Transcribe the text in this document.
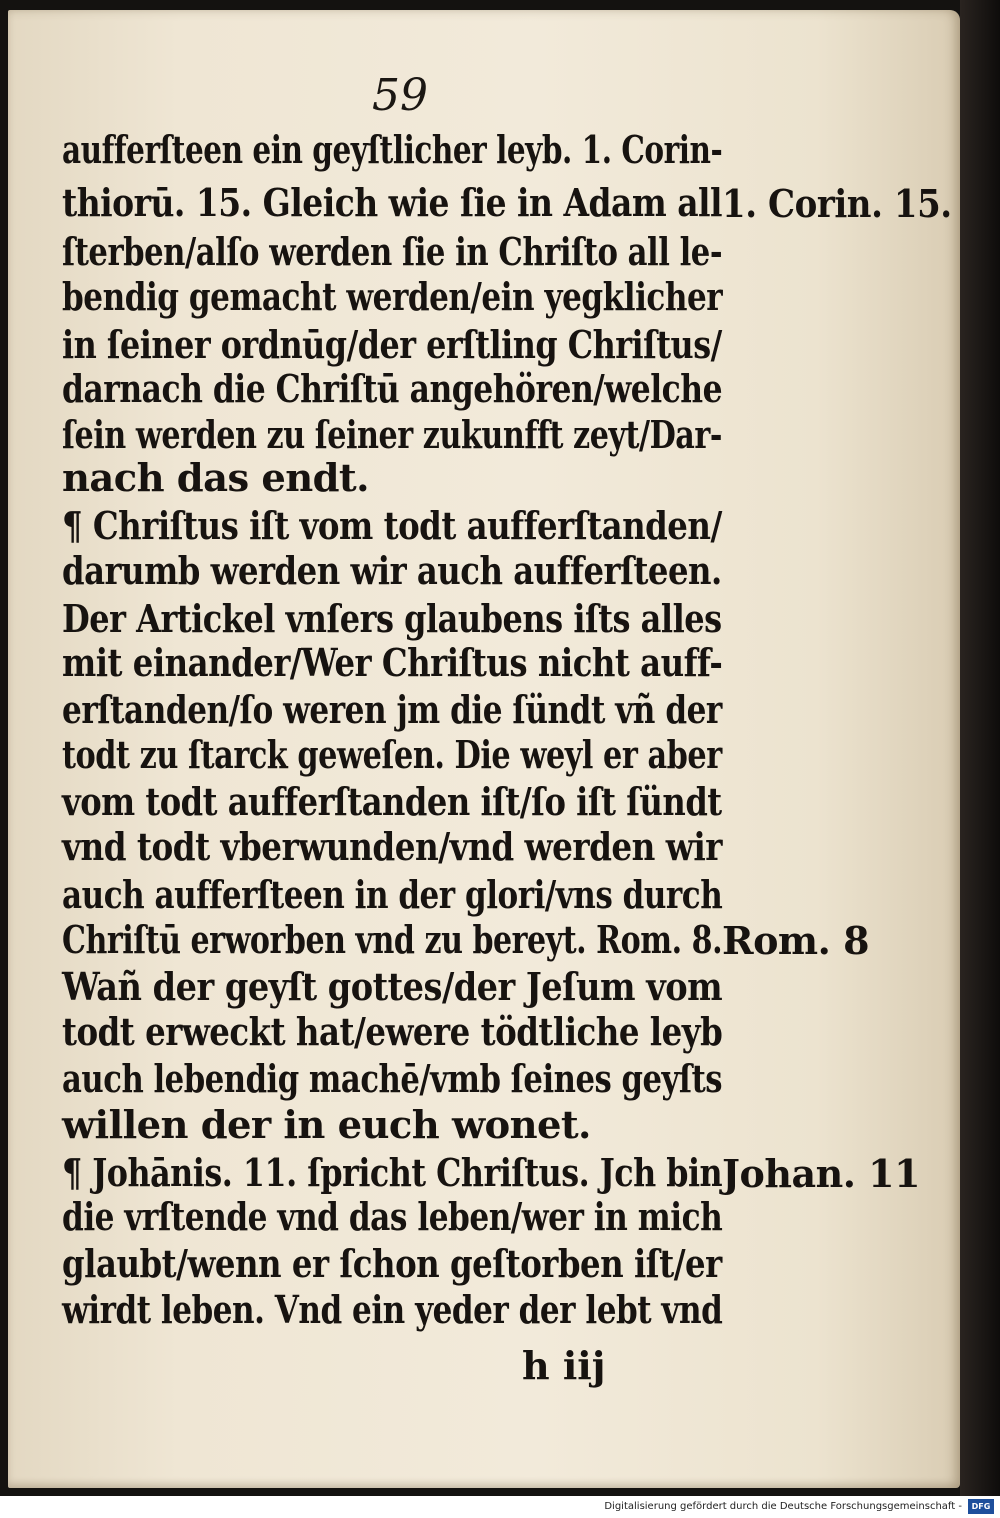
59
aufferſteen ein geyſtlicher leyb. 1. Corin-
thiorū. 15. Gleich wie ſie in Adam all
ſterben/alſo werden ſie in Chriſto all le-
bendig gemacht werden/ein yegklicher
in ſeiner ordnūg/der erſtling Chriſtus/
darnach die Chriſtū angehören/welche
ſein werden zu ſeiner zukunfft zeyt/Dar-
nach das endt.
¶ Chriſtus iſt vom todt aufferſtanden/
darumb werden wir auch aufferſteen.
Der Artickel vnſers glaubens iſts alles
mit einander/Wer Chriſtus nicht auff-
erſtanden/ſo weren jm die ſündt vñ der
todt zu ſtarck geweſen. Die weyl er aber
vom todt aufferſtanden iſt/ſo iſt ſündt
vnd todt vberwunden/vnd werden wir
auch aufferſteen in der glori/vns durch
Chriſtū erworben vnd zu bereyt. Rom. 8.
Wañ der geyſt gottes/der Jeſum vom
todt erweckt hat/ewere tödtliche leyb
auch lebendig machē/vmb ſeines geyſts
willen der in euch wonet.
¶ Johānis. 11. ſpricht Chriſtus. Jch bin
die vrſtende vnd das leben/wer in mich
glaubt/wenn er ſchon geſtorben iſt/er
wirdt leben. Vnd ein yeder der lebt vnd
1. Corin. 15.
Rom. 8
Johan. 11
h iij
Digitalisierung gefördert durch die Deutsche Forschungsgemeinschaft -	DFG
